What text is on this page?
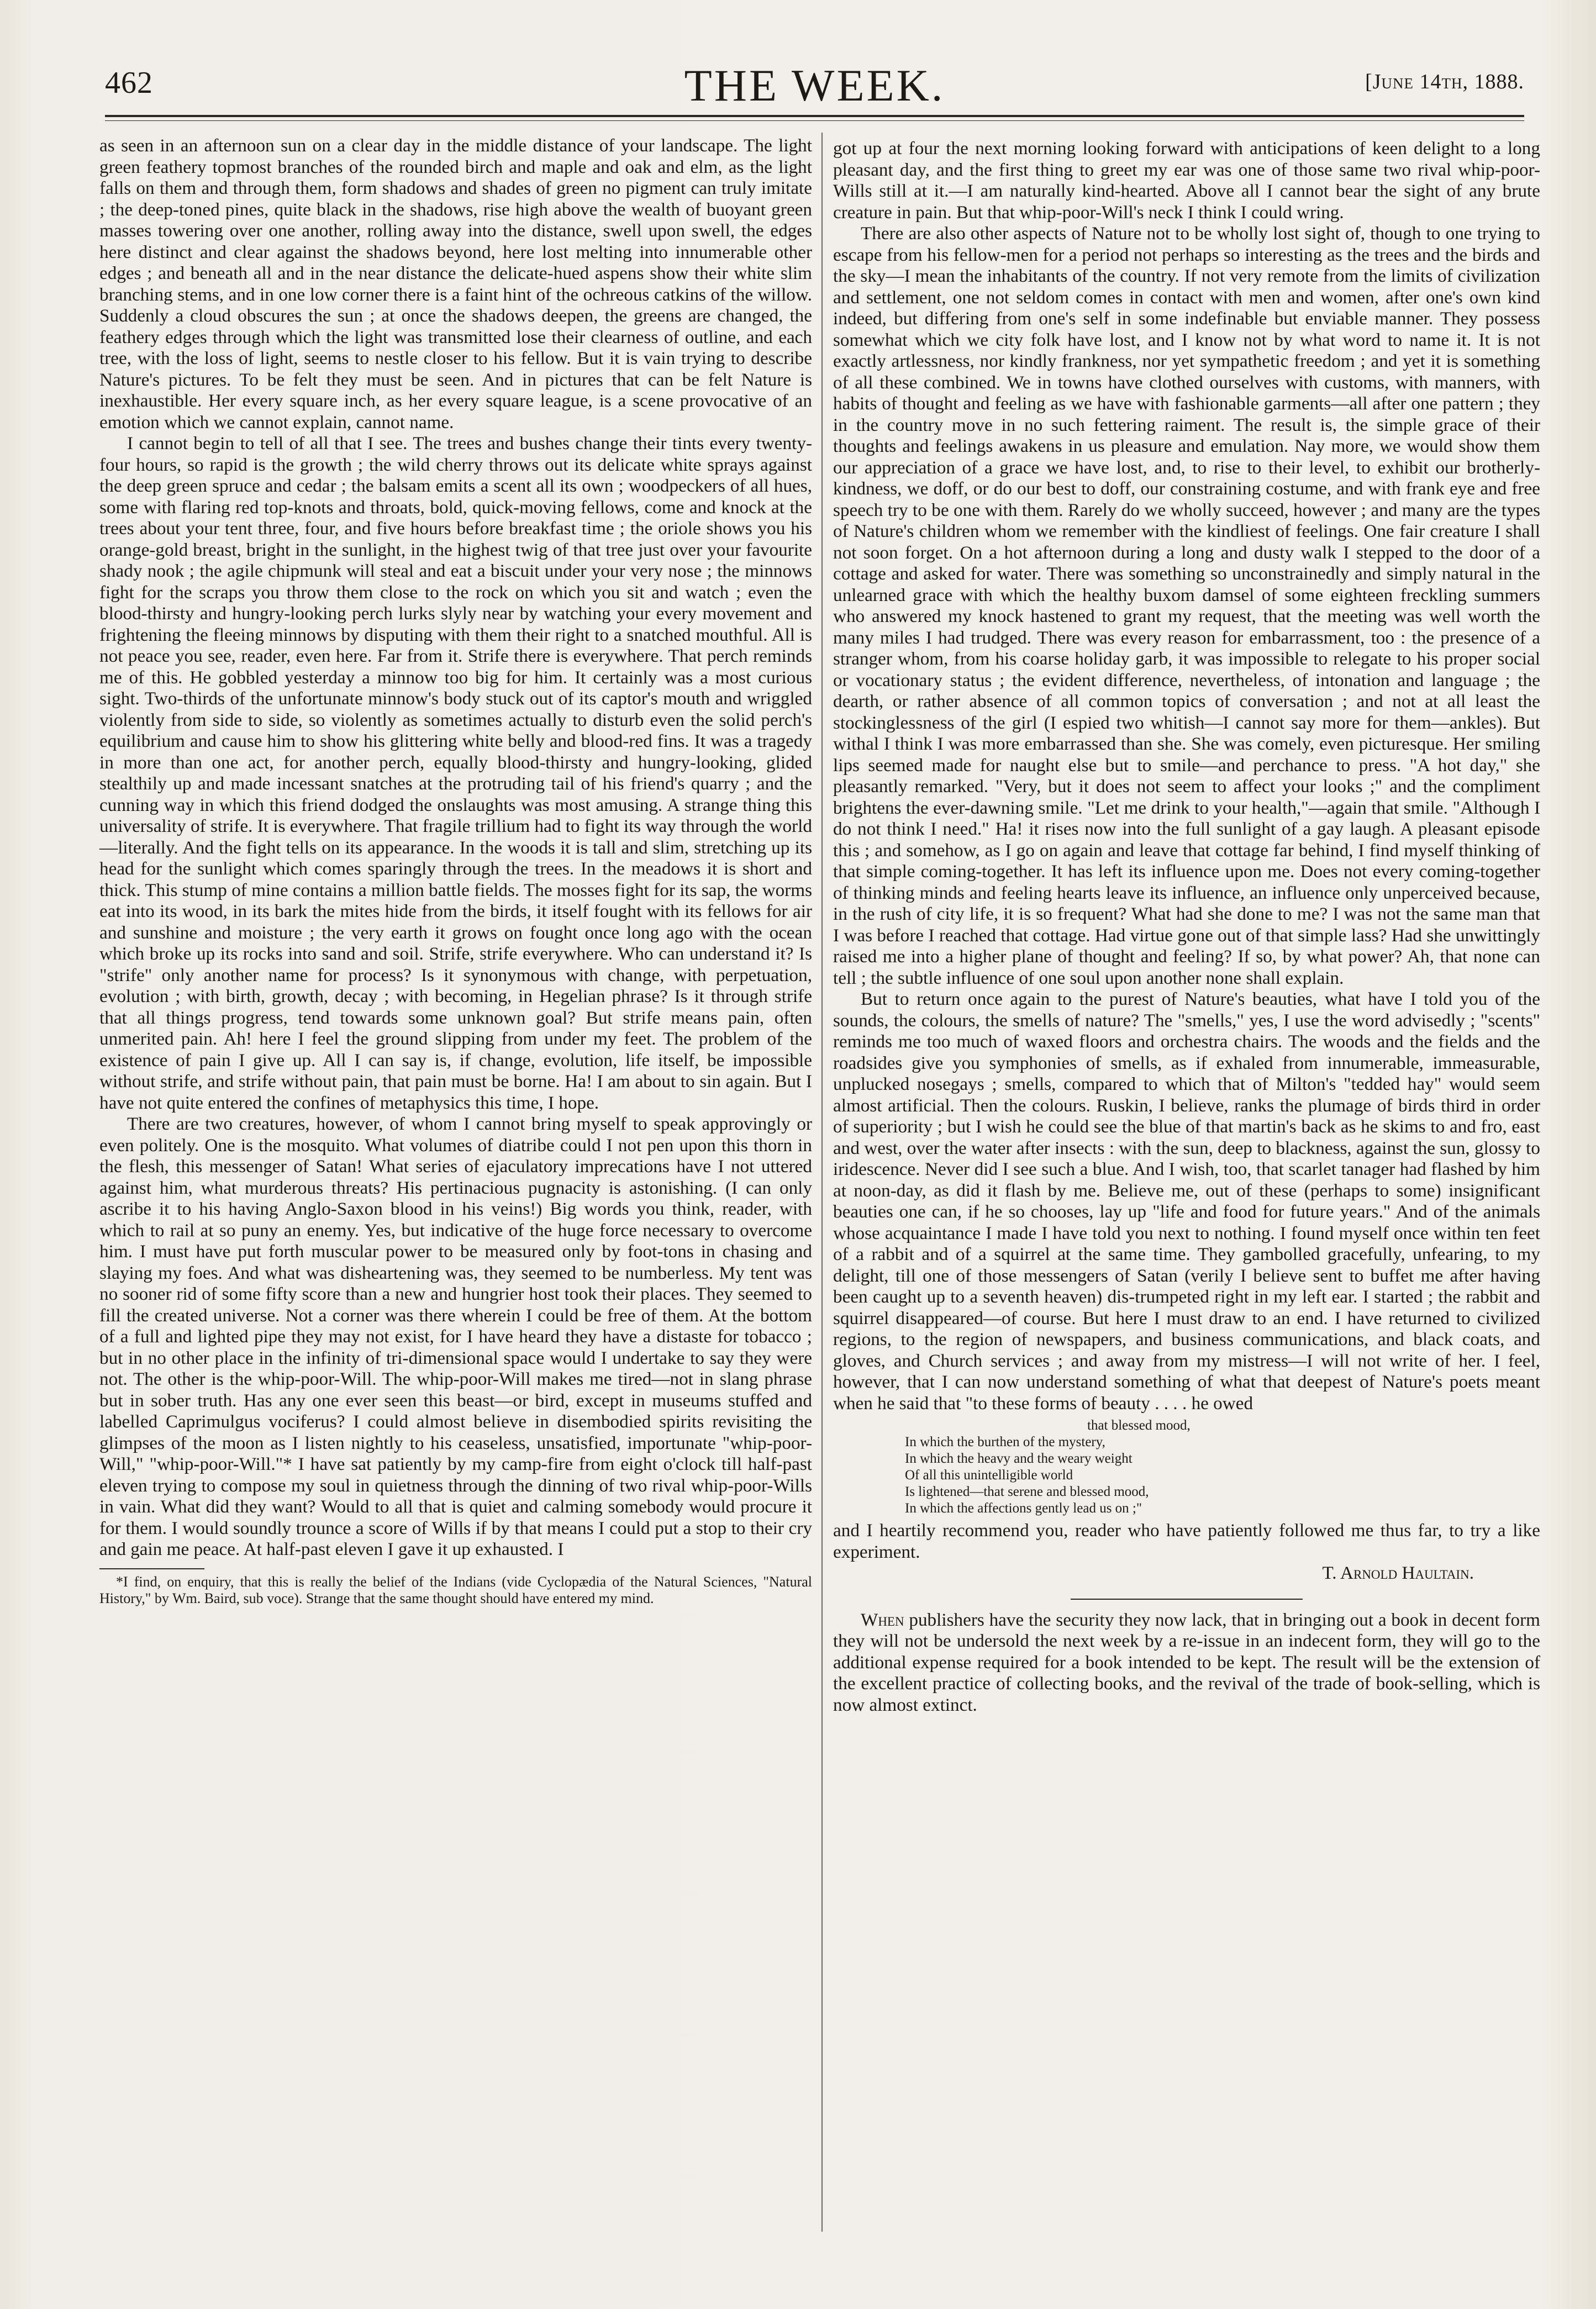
462	THE WEEK.	[June 14th, 1888.

as seen in an afternoon sun on a clear day in the middle distance of your landscape. The light green feathery topmost branches of the rounded birch and maple and oak and elm, as the light falls on them and through them, form shadows and shades of green no pigment can truly imitate ; the deep-toned pines, quite black in the shadows, rise high above the wealth of buoyant green masses towering over one another, rolling away into the distance, swell upon swell, the edges here distinct and clear against the shadows beyond, here lost melting into innumerable other edges ; and beneath all and in the near distance the delicate-hued aspens show their white slim branching stems, and in one low corner there is a faint hint of the ochreous catkins of the willow. Suddenly a cloud obscures the sun ; at once the shadows deepen, the greens are changed, the feathery edges through which the light was transmitted lose their clearness of outline, and each tree, with the loss of light, seems to nestle closer to his fellow. But it is vain trying to describe Nature's pictures. To be felt they must be seen. And in pictures that can be felt Nature is inexhaustible. Her every square inch, as her every square league, is a scene provocative of an emotion which we cannot explain, cannot name.

I cannot begin to tell of all that I see. The trees and bushes change their tints every twenty-four hours, so rapid is the growth ; the wild cherry throws out its delicate white sprays against the deep green spruce and cedar ; the balsam emits a scent all its own ; woodpeckers of all hues, some with flaring red top-knots and throats, bold, quick-moving fellows, come and knock at the trees about your tent three, four, and five hours before breakfast time ; the oriole shows you his orange-gold breast, bright in the sunlight, in the highest twig of that tree just over your favourite shady nook ; the agile chipmunk will steal and eat a biscuit under your very nose ; the minnows fight for the scraps you throw them close to the rock on which you sit and watch ; even the blood-thirsty and hungry-looking perch lurks slyly near by watching your every movement and frightening the fleeing minnows by disputing with them their right to a snatched mouthful. All is not peace you see, reader, even here. Far from it. Strife there is everywhere. That perch reminds me of this. He gobbled yesterday a minnow too big for him. It certainly was a most curious sight. Two-thirds of the unfortunate minnow's body stuck out of its captor's mouth and wriggled violently from side to side, so violently as sometimes actually to disturb even the solid perch's equilibrium and cause him to show his glittering white belly and blood-red fins. It was a tragedy in more than one act, for another perch, equally blood-thirsty and hungry-looking, glided stealthily up and made incessant snatches at the protruding tail of his friend's quarry ; and the cunning way in which this friend dodged the onslaughts was most amusing. A strange thing this universality of strife. It is everywhere. That fragile trillium had to fight its way through the world—literally. And the fight tells on its appearance. In the woods it is tall and slim, stretching up its head for the sunlight which comes sparingly through the trees. In the meadows it is short and thick. This stump of mine contains a million battle fields. The mosses fight for its sap, the worms eat into its wood, in its bark the mites hide from the birds, it itself fought with its fellows for air and sunshine and moisture ; the very earth it grows on fought once long ago with the ocean which broke up its rocks into sand and soil. Strife, strife everywhere. Who can understand it? Is "strife" only another name for process? Is it synonymous with change, with perpetuation, evolution ; with birth, growth, decay ; with becoming, in Hegelian phrase? Is it through strife that all things progress, tend towards some unknown goal? But strife means pain, often unmerited pain. Ah! here I feel the ground slipping from under my feet. The problem of the existence of pain I give up. All I can say is, if change, evolution, life itself, be impossible without strife, and strife without pain, that pain must be borne. Ha! I am about to sin again. But I have not quite entered the confines of metaphysics this time, I hope.

There are two creatures, however, of whom I cannot bring myself to speak approvingly or even politely. One is the mosquito. What volumes of diatribe could I not pen upon this thorn in the flesh, this messenger of Satan! What series of ejaculatory imprecations have I not uttered against him, what murderous threats? His pertinacious pugnacity is astonishing. (I can only ascribe it to his having Anglo-Saxon blood in his veins!) Big words you think, reader, with which to rail at so puny an enemy. Yes, but indicative of the huge force necessary to overcome him. I must have put forth muscular power to be measured only by foot-tons in chasing and slaying my foes. And what was disheartening was, they seemed to be numberless. My tent was no sooner rid of some fifty score than a new and hungrier host took their places. They seemed to fill the created universe. Not a corner was there wherein I could be free of them. At the bottom of a full and lighted pipe they may not exist, for I have heard they have a distaste for tobacco ; but in no other place in the infinity of tri-dimensional space would I undertake to say they were not. The other is the whip-poor-Will. The whip-poor-Will makes me tired—not in slang phrase but in sober truth. Has any one ever seen this beast—or bird, except in museums stuffed and labelled Caprimulgus vociferus? I could almost believe in disembodied spirits revisiting the glimpses of the moon as I listen nightly to his ceaseless, unsatisfied, importunate "whip-poor-Will," "whip-poor-Will."* I have sat patiently by my camp-fire from eight o'clock till half-past eleven trying to compose my soul in quietness through the dinning of two rival whip-poor-Wills in vain. What did they want? Would to all that is quiet and calming somebody would procure it for them. I would soundly trounce a score of Wills if by that means I could put a stop to their cry and gain me peace. At half-past eleven I gave it up exhausted. I

*I find, on enquiry, that this is really the belief of the Indians (vide Cyclopædia of the Natural Sciences, "Natural History," by Wm. Baird, sub voce). Strange that the same thought should have entered my mind.

got up at four the next morning looking forward with anticipations of keen delight to a long pleasant day, and the first thing to greet my ear was one of those same two rival whip-poor-Wills still at it.—I am naturally kind-hearted. Above all I cannot bear the sight of any brute creature in pain. But that whip-poor-Will's neck I think I could wring.

There are also other aspects of Nature not to be wholly lost sight of, though to one trying to escape from his fellow-men for a period not perhaps so interesting as the trees and the birds and the sky—I mean the inhabitants of the country. If not very remote from the limits of civilization and settlement, one not seldom comes in contact with men and women, after one's own kind indeed, but differing from one's self in some indefinable but enviable manner. They possess somewhat which we city folk have lost, and I know not by what word to name it. It is not exactly artlessness, nor kindly frankness, nor yet sympathetic freedom ; and yet it is something of all these combined. We in towns have clothed ourselves with customs, with manners, with habits of thought and feeling as we have with fashionable garments—all after one pattern ; they in the country move in no such fettering raiment. The result is, the simple grace of their thoughts and feelings awakens in us pleasure and emulation. Nay more, we would show them our appreciation of a grace we have lost, and, to rise to their level, to exhibit our brotherly-kindness, we doff, or do our best to doff, our constraining costume, and with frank eye and free speech try to be one with them. Rarely do we wholly succeed, however ; and many are the types of Nature's children whom we remember with the kindliest of feelings. One fair creature I shall not soon forget. On a hot afternoon during a long and dusty walk I stepped to the door of a cottage and asked for water. There was something so unconstrainedly and simply natural in the unlearned grace with which the healthy buxom damsel of some eighteen freckling summers who answered my knock hastened to grant my request, that the meeting was well worth the many miles I had trudged. There was every reason for embarrassment, too : the presence of a stranger whom, from his coarse holiday garb, it was impossible to relegate to his proper social or vocationary status ; the evident difference, nevertheless, of intonation and language ; the dearth, or rather absence of all common topics of conversation ; and not at all least the stockinglessness of the girl (I espied two whitish—I cannot say more for them—ankles). But withal I think I was more embarrassed than she. She was comely, even picturesque. Her smiling lips seemed made for naught else but to smile—and perchance to press. "A hot day," she pleasantly remarked. "Very, but it does not seem to affect your looks ;" and the compliment brightens the ever-dawning smile. "Let me drink to your health,"—again that smile. "Although I do not think I need." Ha! it rises now into the full sunlight of a gay laugh. A pleasant episode this ; and somehow, as I go on again and leave that cottage far behind, I find myself thinking of that simple coming-together. It has left its influence upon me. Does not every coming-together of thinking minds and feeling hearts leave its influence, an influence only unperceived because, in the rush of city life, it is so frequent? What had she done to me? I was not the same man that I was before I reached that cottage. Had virtue gone out of that simple lass? Had she unwittingly raised me into a higher plane of thought and feeling? If so, by what power? Ah, that none can tell ; the subtle influence of one soul upon another none shall explain.

But to return once again to the purest of Nature's beauties, what have I told you of the sounds, the colours, the smells of nature? The "smells," yes, I use the word advisedly ; "scents" reminds me too much of waxed floors and orchestra chairs. The woods and the fields and the roadsides give you symphonies of smells, as if exhaled from innumerable, immeasurable, unplucked nosegays ; smells, compared to which that of Milton's "tedded hay" would seem almost artificial. Then the colours. Ruskin, I believe, ranks the plumage of birds third in order of superiority ; but I wish he could see the blue of that martin's back as he skims to and fro, east and west, over the water after insects : with the sun, deep to blackness, against the sun, glossy to iridescence. Never did I see such a blue. And I wish, too, that scarlet tanager had flashed by him at noon-day, as did it flash by me. Believe me, out of these (perhaps to some) insignificant beauties one can, if he so chooses, lay up "life and food for future years." And of the animals whose acquaintance I made I have told you next to nothing. I found myself once within ten feet of a rabbit and of a squirrel at the same time. They gambolled gracefully, unfearing, to my delight, till one of those messengers of Satan (verily I believe sent to buffet me after having been caught up to a seventh heaven) dis-trumpeted right in my left ear. I started ; the rabbit and squirrel disappeared—of course. But here I must draw to an end. I have returned to civilized regions, to the region of newspapers, and business communications, and black coats, and gloves, and Church services ; and away from my mistress—I will not write of her. I feel, however, that I can now understand something of what that deepest of Nature's poets meant when he said that "to these forms of beauty . . . . he owed

that blessed mood,
In which the burthen of the mystery,
In which the heavy and the weary weight
Of all this unintelligible world
Is lightened—that serene and blessed mood,
In which the affections gently lead us on ;"

and I heartily recommend you, reader who have patiently followed me thus far, to try a like experiment.

T. Arnold Haultain.

When publishers have the security they now lack, that in bringing out a book in decent form they will not be undersold the next week by a re-issue in an indecent form, they will go to the additional expense required for a book intended to be kept. The result will be the extension of the excellent practice of collecting books, and the revival of the trade of book-selling, which is now almost extinct.
